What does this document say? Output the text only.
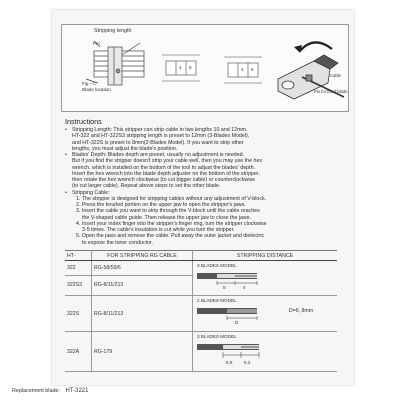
Stripping length
Pin
Fig - C
Blade location
4 8	4 8
Pin for fixed blade
Cable
Instructions
• Stripping Length: This stripper can strip cable in two lengths 10 and 12mm.
HT-322 and HT-322S3 stripping length is preset to 12mm (3-Blades Model),
and HT-322S is preset to 8mm(2-Blades Model). If you want to strip other
lengths, you must adjust the blade's position.
• Blades' Depth: Blades depth are preset, usually no adjustment is needed.
But if you find the stripper doesn't strip your cable well, then you may use the hex
wrench, which is installed on the bottom of the tool to adjust the blades' depth.
Insert the hex wrench into the blade depth adjuster on the bottom of the stripper,
then rotate the hex wrench clockwise (to cut bigger cable) or counterclockwise
(to cut larger cable). Repeat above steps to set the other blade.
• Stripping Cable:
1. The stripper is designed for stripping cables without any adjustment of V-block.
2. Press the knurled portion on the upper jaw to open the stripper's jaws.
3. Insert the cable you want to strip through the V-block until the cable reaches
the V-shaped cable guide. Then release the upper jaw to close the jaws.
4. Insert your index finger into the stripper's finger ring, turn the stripper clockwise
3-5 times. The cable's insulation is cut while you turn the stripper.
5. Open the jaws and remove the cable. Pull away the outer jacket and dielectric
to expose the inner conductor.
HT-	FOR STRIPPING RG CABLE	STRIPPING DISTANCE
322	RG-58/59/6	3 BLADES MODEL
8 4

322S3	RG-8/11/213	
322S	RG-8/11/213	2 BLADES MODEL
D
D=6, 8mm

322A	RG-179	3 BLADES MODEL
6.8 5.2
Replacement blade: HT-3221
